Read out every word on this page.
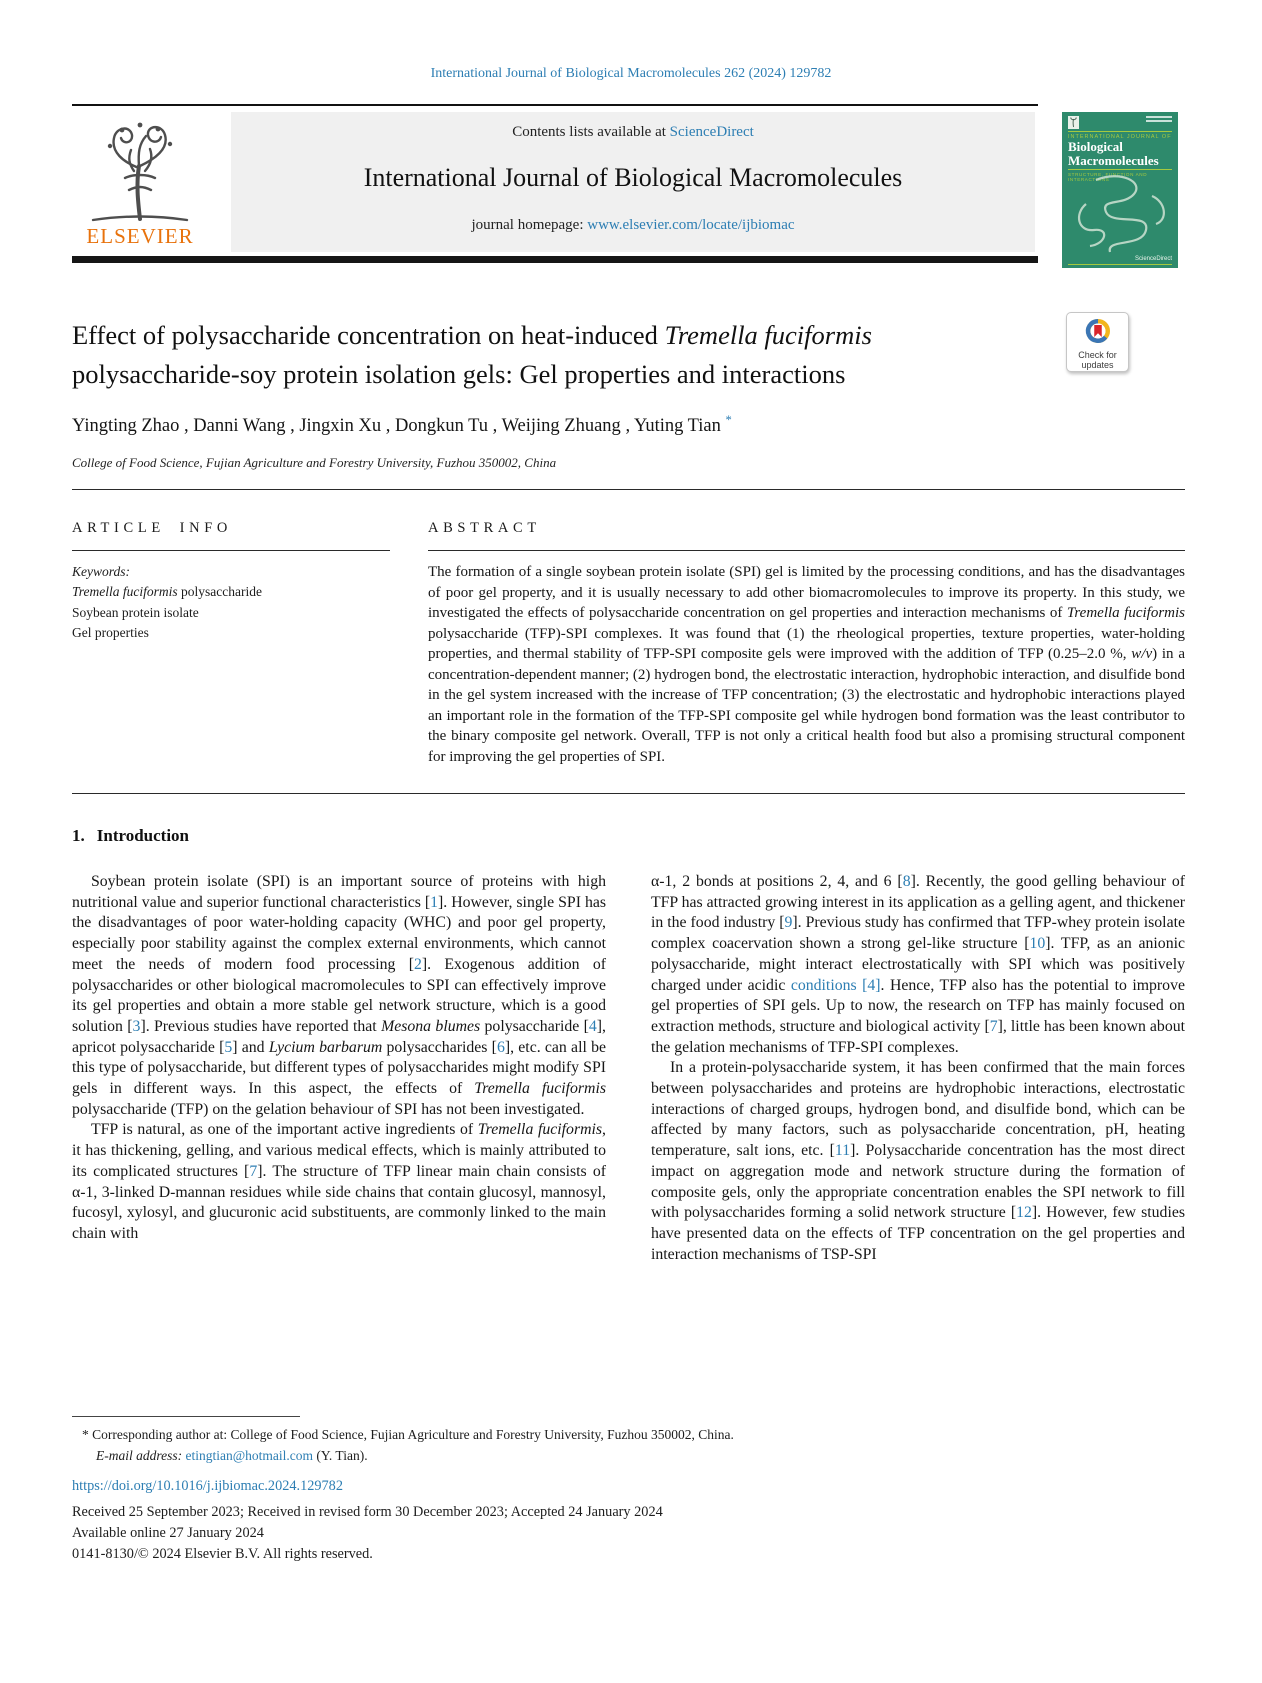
International Journal of Biological Macromolecules 262 (2024) 129782
ELSEVIER
Contents lists available at ScienceDirect
International Journal of Biological Macromolecules
journal homepage: www.elsevier.com/locate/ijbiomac
INTERNATIONAL JOURNAL OF
Biological
Macromolecules
STRUCTURE, FUNCTION AND INTERACTIONS
ScienceDirect
Effect of polysaccharide concentration on heat-induced Tremella fuciformis polysaccharide-soy protein isolation gels: Gel properties and interactions
Check for
updates
Yingting Zhao , Danni Wang , Jingxin Xu , Dongkun Tu , Weijing Zhuang , Yuting Tian *
College of Food Science, Fujian Agriculture and Forestry University, Fuzhou 350002, China
ARTICLE INFO
Keywords:
Tremella fuciformis polysaccharide
Soybean protein isolate
Gel properties
ABSTRACT
The formation of a single soybean protein isolate (SPI) gel is limited by the processing conditions, and has the disadvantages of poor gel property, and it is usually necessary to add other biomacromolecules to improve its property. In this study, we investigated the effects of polysaccharide concentration on gel properties and interaction mechanisms of Tremella fuciformis polysaccharide (TFP)-SPI complexes. It was found that (1) the rheological properties, texture properties, water-holding properties, and thermal stability of TFP-SPI composite gels were improved with the addition of TFP (0.25–2.0 %, w/v) in a concentration-dependent manner; (2) hydrogen bond, the electrostatic interaction, hydrophobic interaction, and disulfide bond in the gel system increased with the increase of TFP concentration; (3) the electrostatic and hydrophobic interactions played an important role in the formation of the TFP-SPI composite gel while hydrogen bond formation was the least contributor to the binary composite gel network. Overall, TFP is not only a critical health food but also a promising structural component for improving the gel properties of SPI.
1. Introduction

Soybean protein isolate (SPI) is an important source of proteins with high nutritional value and superior functional characteristics [1]. However, single SPI has the disadvantages of poor water-holding capacity (WHC) and poor gel property, especially poor stability against the complex external environments, which cannot meet the needs of modern food processing [2]. Exogenous addition of polysaccharides or other biological macromolecules to SPI can effectively improve its gel properties and obtain a more stable gel network structure, which is a good solution [3]. Previous studies have reported that Mesona blumes polysaccharide [4], apricot polysaccharide [5] and Lycium barbarum polysaccharides [6], etc. can all be this type of polysaccharide, but different types of polysaccharides might modify SPI gels in different ways. In this aspect, the effects of Tremella fuciformis polysaccharide (TFP) on the gelation behaviour of SPI has not been investigated.

TFP is natural, as one of the important active ingredients of Tremella fuciformis, it has thickening, gelling, and various medical effects, which is mainly attributed to its complicated structures [7]. The structure of TFP linear main chain consists of α-1, 3-linked D-mannan residues while side chains that contain glucosyl, mannosyl, fucosyl, xylosyl, and glucuronic acid substituents, are commonly linked to the main chain with

α-1, 2 bonds at positions 2, 4, and 6 [8]. Recently, the good gelling behaviour of TFP has attracted growing interest in its application as a gelling agent, and thickener in the food industry [9]. Previous study has confirmed that TFP-whey protein isolate complex coacervation shown a strong gel-like structure [10]. TFP, as an anionic polysaccharide, might interact electrostatically with SPI which was positively charged under acidic conditions [4]. Hence, TFP also has the potential to improve gel properties of SPI gels. Up to now, the research on TFP has mainly focused on extraction methods, structure and biological activity [7], little has been known about the gelation mechanisms of TFP-SPI complexes.

In a protein-polysaccharide system, it has been confirmed that the main forces between polysaccharides and proteins are hydrophobic interactions, electrostatic interactions of charged groups, hydrogen bond, and disulfide bond, which can be affected by many factors, such as polysaccharide concentration, pH, heating temperature, salt ions, etc. [11]. Polysaccharide concentration has the most direct impact on aggregation mode and network structure during the formation of composite gels, only the appropriate concentration enables the SPI network to fill with polysaccharides forming a solid network structure [12]. However, few studies have presented data on the effects of TFP concentration on the gel properties and interaction mechanisms of TSP-SPI

* Corresponding author at: College of Food Science, Fujian Agriculture and Forestry University, Fuzhou 350002, China.
E-mail address: etingtian@hotmail.com (Y. Tian).
https://doi.org/10.1016/j.ijbiomac.2024.129782
Received 25 September 2023; Received in revised form 30 December 2023; Accepted 24 January 2024
Available online 27 January 2024
0141-8130/© 2024 Elsevier B.V. All rights reserved.
